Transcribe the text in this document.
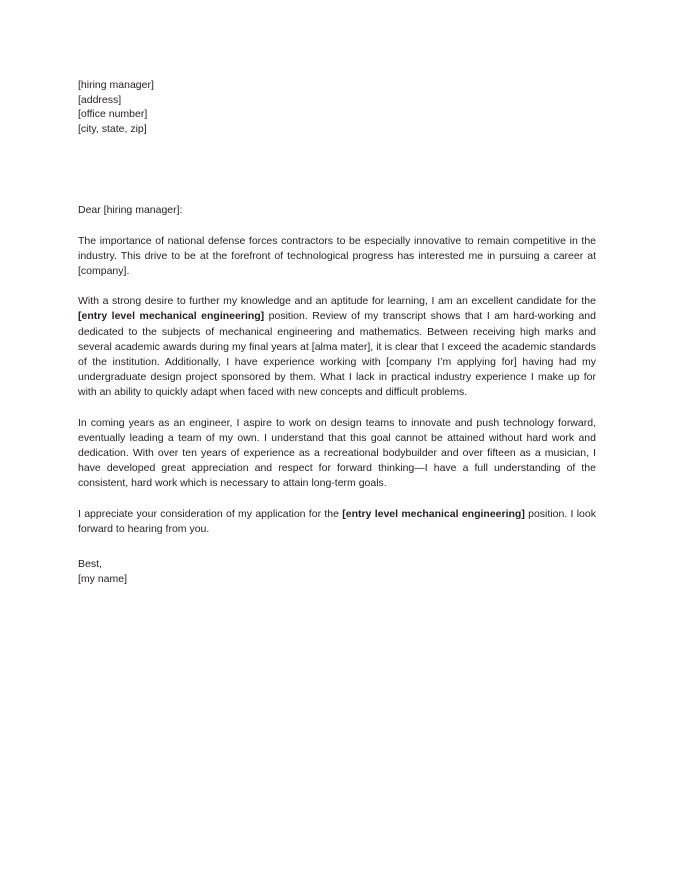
[hiring manager]
[address]
[office number]
[city, state, zip]
Dear [hiring manager]:

The importance of national defense forces contractors to be especially innovative to remain competitive in the industry. This drive to be at the forefront of technological progress has interested me in pursuing a career at [company].

With a strong desire to further my knowledge and an aptitude for learning, I am an excellent candidate for the [entry level mechanical engineering] position. Review of my transcript shows that I am hard-working and dedicated to the subjects of mechanical engineering and mathematics. Between receiving high marks and several academic awards during my final years at [alma mater], it is clear that I exceed the academic standards of the institution. Additionally, I have experience working with [company I’m applying for] having had my undergraduate design project sponsored by them. What I lack in practical industry experience I make up for with an ability to quickly adapt when faced with new concepts and difficult problems.

In coming years as an engineer, I aspire to work on design teams to innovate and push technology forward, eventually leading a team of my own. I understand that this goal cannot be attained without hard work and dedication. With over ten years of experience as a recreational bodybuilder and over fifteen as a musician, I have developed great appreciation and respect for forward thinking—I have a full understanding of the consistent, hard work which is necessary to attain long-term goals.

I appreciate your consideration of my application for the [entry level mechanical engineering] position. I look forward to hearing from you.

Best,
[my name]
